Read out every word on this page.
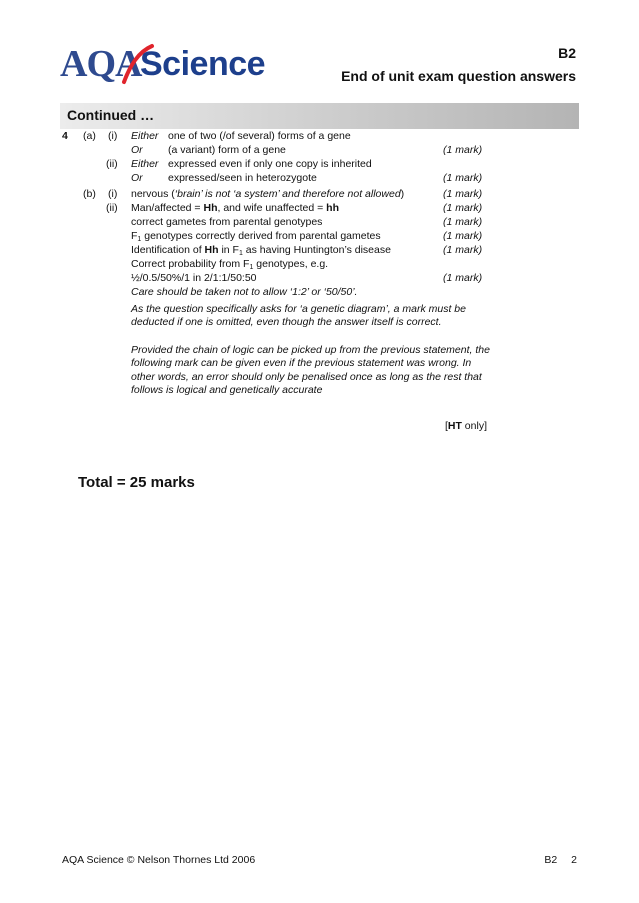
AQA
Science	B2
End of unit exam question answers
Continued …
4 (a) (i) Either one of two (/of several) forms of a gene
Or (a variant) form of a gene	(1 mark)
(ii) Either expressed even if only one copy is inherited
Or expressed/seen in heterozygote	(1 mark)
(b) (i) nervous (‘brain’ is not ‘a system’ and therefore not allowed)	(1 mark)
(ii) Man/affected = Hh, and wife unaffected = hh	(1 mark)
correct gametes from parental genotypes	(1 mark)
$F_1$ genotypes correctly derived from parental gametes	(1 mark)
Identification of Hh in $F_1$ as having Huntington’s disease	(1 mark)
Correct probability from $F_1$ genotypes, e.g.
½/0.5/50%/1 in 2/1:1/50:50	(1 mark)
Care should be taken not to allow ‘1:2’ or ‘50/50’.
As the question specifically asks for ‘a genetic diagram’, a mark must be deducted if one is omitted, even though the answer itself is correct.
Provided the chain of logic can be picked up from the previous statement, the following mark can be given even if the previous statement was wrong. In other words, an error should only be penalised once as long as the rest that follows is logical and genetically accurate
[HT only]
Total = 25 marks
AQA Science © Nelson Thornes Ltd 2006	B2 2
